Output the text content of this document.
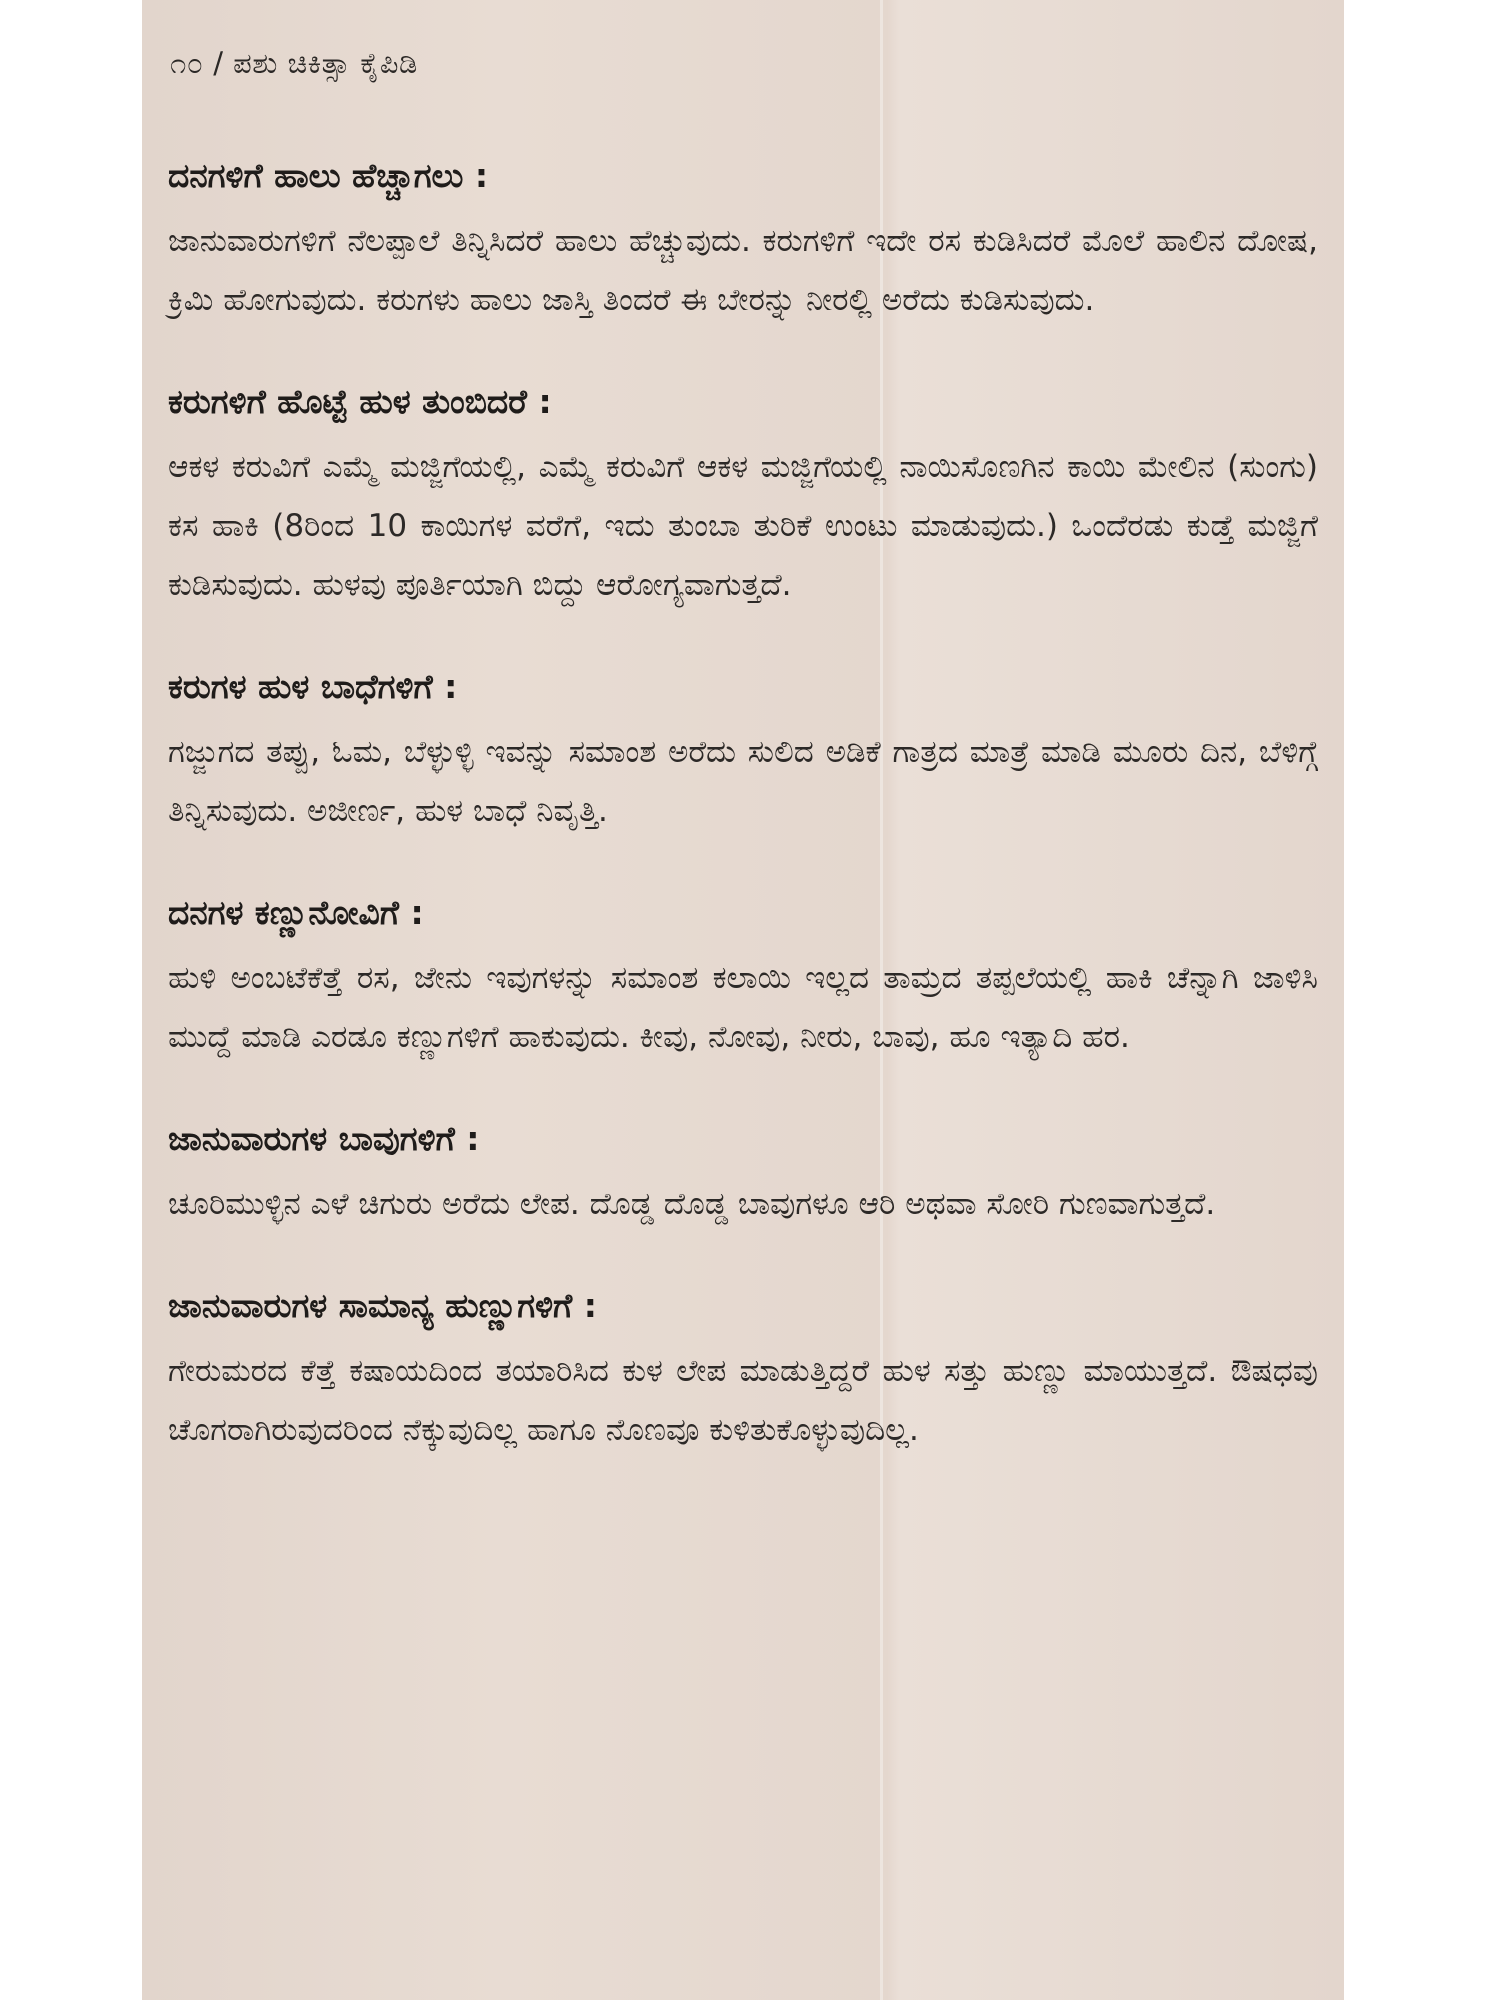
೧೦ / ಪಶು ಚಿಕಿತ್ಸಾ ಕೈಪಿಡಿ
ದನಗಳಿಗೆ ಹಾಲು ಹೆಚ್ಚಾಗಲು :

ಜಾನುವಾರುಗಳಿಗೆ ನೆಲಪ್ಪಾಲೆ ತಿನ್ನಿಸಿದರೆ ಹಾಲು ಹೆಚ್ಚುವುದು. ಕರುಗಳಿಗೆ ಇದೇ ರಸ ಕುಡಿಸಿದರೆ ಮೊಲೆ ಹಾಲಿನ ದೋಷ, ಕ್ರಿಮಿ ಹೋಗುವುದು. ಕರುಗಳು ಹಾಲು ಜಾಸ್ತಿ ತಿಂದರೆ ಈ ಬೇರನ್ನು ನೀರಲ್ಲಿ ಅರೆದು ಕುಡಿಸುವುದು.

ಕರುಗಳಿಗೆ ಹೊಟ್ಟೆ ಹುಳ ತುಂಬಿದರೆ :

ಆಕಳ ಕರುವಿಗೆ ಎಮ್ಮೆ ಮಜ್ಜಿಗೆಯಲ್ಲಿ, ಎಮ್ಮೆ ಕರುವಿಗೆ ಆಕಳ ಮಜ್ಜಿಗೆಯಲ್ಲಿ ನಾಯಿಸೊಣಗಿನ ಕಾಯಿ ಮೇಲಿನ (ಸುಂಗು) ಕಸ ಹಾಕಿ (8ರಿಂದ 10 ಕಾಯಿಗಳ ವರೆಗೆ, ಇದು ತುಂಬಾ ತುರಿಕೆ ಉಂಟು ಮಾಡುವುದು.) ಒಂದೆರಡು ಕುಡ್ತೆ ಮಜ್ಜಿಗೆ ಕುಡಿಸುವುದು. ಹುಳವು ಪೂರ್ತಿಯಾಗಿ ಬಿದ್ದು ಆರೋಗ್ಯವಾಗುತ್ತದೆ.

ಕರುಗಳ ಹುಳ ಬಾಧೆಗಳಿಗೆ :

ಗಜ್ಜುಗದ ತಪ್ಪು, ಓಮ, ಬೆಳ್ಳುಳ್ಳಿ ಇವನ್ನು ಸಮಾಂಶ ಅರೆದು ಸುಲಿದ ಅಡಿಕೆ ಗಾತ್ರದ ಮಾತ್ರೆ ಮಾಡಿ ಮೂರು ದಿನ, ಬೆಳಿಗ್ಗೆ ತಿನ್ನಿಸುವುದು. ಅಜೀರ್ಣ, ಹುಳ ಬಾಧೆ ನಿವೃತ್ತಿ.

ದನಗಳ ಕಣ್ಣುನೋವಿಗೆ :

ಹುಳಿ ಅಂಬಟೆಕೆತ್ತೆ ರಸ, ಜೇನು ಇವುಗಳನ್ನು ಸಮಾಂಶ ಕಲಾಯಿ ಇಲ್ಲದ ತಾಮ್ರದ ತಪ್ಪಲೆಯಲ್ಲಿ ಹಾಕಿ ಚೆನ್ನಾಗಿ ಜಾಳಿಸಿ ಮುದ್ದೆ ಮಾಡಿ ಎರಡೂ ಕಣ್ಣುಗಳಿಗೆ ಹಾಕುವುದು. ಕೀವು, ನೋವು, ನೀರು, ಬಾವು, ಹೂ ಇತ್ಯಾದಿ ಹರ.

ಜಾನುವಾರುಗಳ ಬಾವುಗಳಿಗೆ :

ಚೂರಿಮುಳ್ಳಿನ ಎಳೆ ಚಿಗುರು ಅರೆದು ಲೇಪ. ದೊಡ್ಡ ದೊಡ್ಡ ಬಾವುಗಳೂ ಆರಿ ಅಥವಾ ಸೋರಿ ಗುಣವಾಗುತ್ತದೆ.

ಜಾನುವಾರುಗಳ ಸಾಮಾನ್ಯ ಹುಣ್ಣುಗಳಿಗೆ :

ಗೇರುಮರದ ಕೆತ್ತೆ ಕಷಾಯದಿಂದ ತಯಾರಿಸಿದ ಕುಳ ಲೇಪ ಮಾಡುತ್ತಿದ್ದರೆ ಹುಳ ಸತ್ತು ಹುಣ್ಣು ಮಾಯುತ್ತದೆ. ಔಷಧವು ಚೊಗರಾಗಿರುವುದರಿಂದ ನೆಕ್ಕುವುದಿಲ್ಲ ಹಾಗೂ ನೊಣವೂ ಕುಳಿತುಕೊಳ್ಳುವುದಿಲ್ಲ.
